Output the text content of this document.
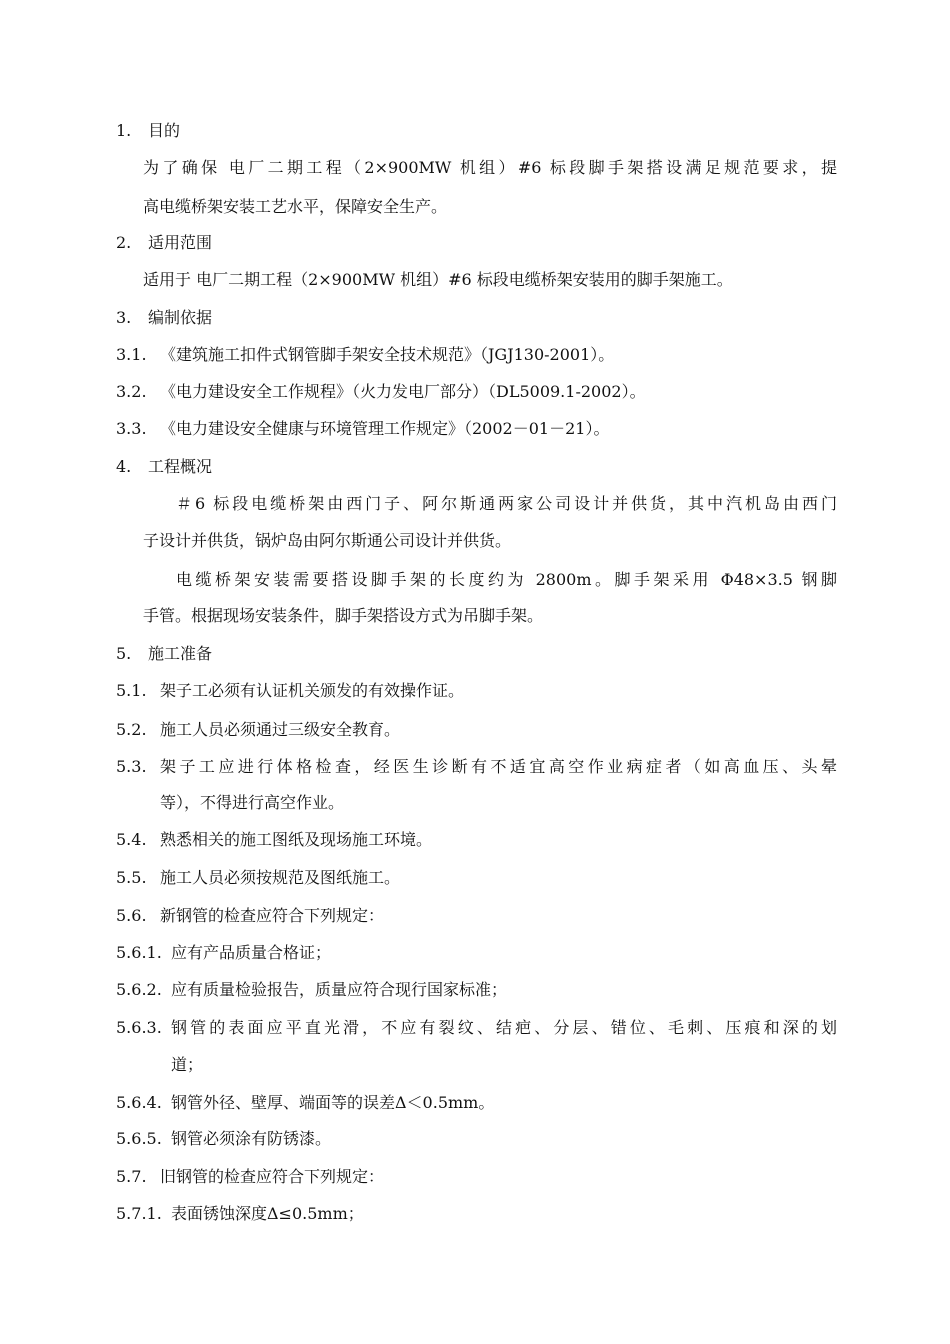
1. 目的
为了确保 电厂二期工程（2×900MW 机组）#6 标段脚手架搭设满足规范要求，提
高电缆桥架安装工艺水平，保障安全生产。
2. 适用范围
适用于 电厂二期工程（2×900MW 机组）#6 标段电缆桥架安装用的脚手架施工。
3. 编制依据
3.1. 《建筑施工扣件式钢管脚手架安全技术规范》（JGJ130-2001）。
3.2. 《电力建设安全工作规程》（火力发电厂部分）（DL5009.1-2002）。
3.3. 《电力建设安全健康与环境管理工作规定》（2002－01－21）。
4. 工程概况
＃6 标段电缆桥架由西门子、阿尔斯通两家公司设计并供货，其中汽机岛由西门
子设计并供货，锅炉岛由阿尔斯通公司设计并供货。
电缆桥架安装需要搭设脚手架的长度约为 2800m。脚手架采用 Φ48×3.5 钢脚
手管。根据现场安装条件，脚手架搭设方式为吊脚手架。
5. 施工准备
5.1. 架子工必须有认证机关颁发的有效操作证。
5.2. 施工人员必须通过三级安全教育。
5.3. 架子工应进行体格检查，经医生诊断有不适宜高空作业病症者（如高血压、头晕
等），不得进行高空作业。
5.4. 熟悉相关的施工图纸及现场施工环境。
5.5. 施工人员必须按规范及图纸施工。
5.6. 新钢管的检查应符合下列规定：
5.6.1. 应有产品质量合格证；
5.6.2. 应有质量检验报告，质量应符合现行国家标准；
5.6.3. 钢管的表面应平直光滑，不应有裂纹、结疤、分层、错位、毛刺、压痕和深的划
道；
5.6.4. 钢管外径、壁厚、端面等的误差Δ＜0.5mm。
5.6.5. 钢管必须涂有防锈漆。
5.7. 旧钢管的检查应符合下列规定：
5.7.1. 表面锈蚀深度Δ≤0.5mm；
